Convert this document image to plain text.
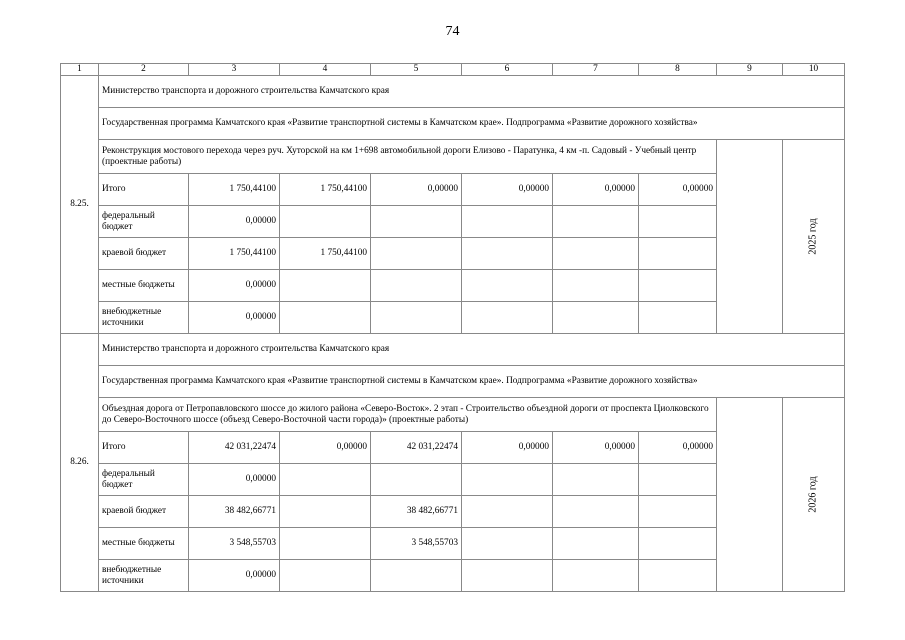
74
1	2	3	4	5	6	7	8	9	10
8.25.	Министерство транспорта и дорожного строительства Камчатского края								
	Государственная программа Камчатского края «Развитие транспортной системы в Камчатском крае». Подпрограмма «Развитие дорожного хозяйства»								
	Реконструкция мостового перехода через руч. Хуторской на км 1+698 автомобильной дороги Елизово - Паратунка, 4 км -п. Садовый - Учебный центр (проектные работы)								2025 год
	Итого	1 750,44100	1 750,44100	0,00000	0,00000	0,00000	0,00000		
	федеральный бюджет	0,00000							
	краевой бюджет	1 750,44100	1 750,44100						
	местные бюджеты	0,00000							
	внебюджетные источники	0,00000							
8.26.	Министерство транспорта и дорожного строительства Камчатского края								
	Государственная программа Камчатского края «Развитие транспортной системы в Камчатском крае». Подпрограмма «Развитие дорожного хозяйства»								
	Объездная дорога от Петропавловского шоссе до жилого района «Северо-Восток». 2 этап - Строительство объездной дороги от проспекта Циолковского до Северо-Восточного шоссе (объезд Северо-Восточной части города)» (проектные работы)								2026 год
	Итого	42 031,22474	0,00000	42 031,22474	0,00000	0,00000	0,00000		
	федеральный бюджет	0,00000							
	краевой бюджет	38 482,66771		38 482,66771					
	местные бюджеты	3 548,55703		3 548,55703					
	внебюджетные источники	0,00000							
